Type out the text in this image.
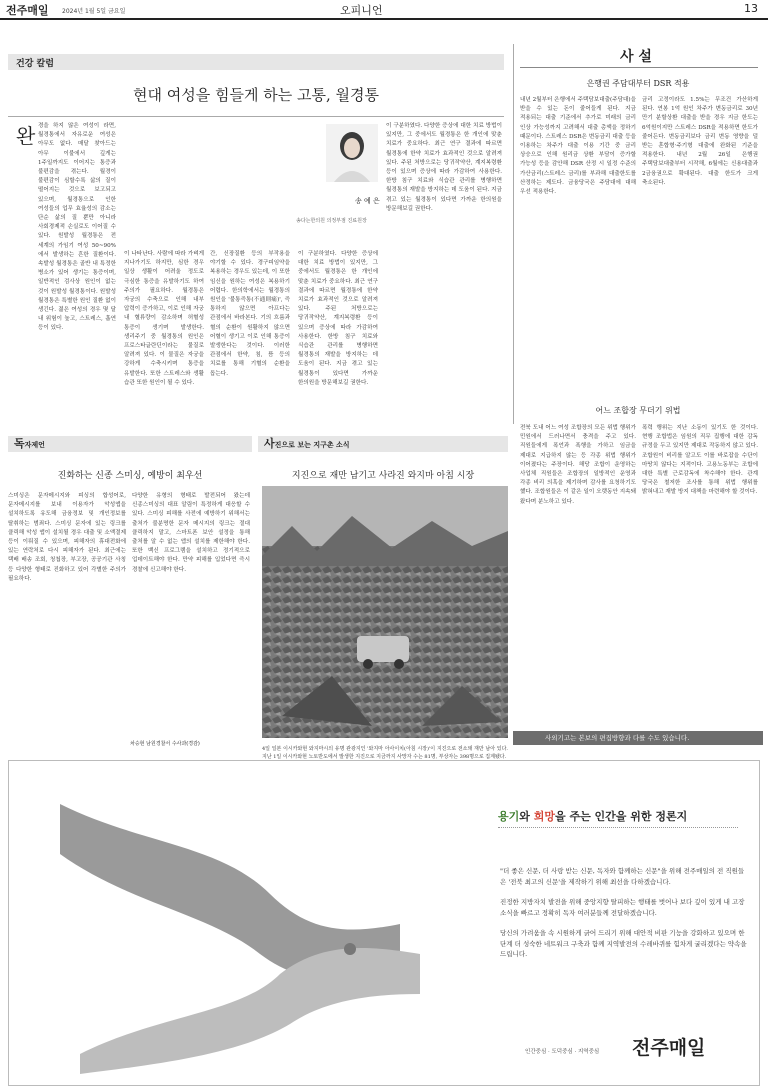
전주매일 2024년 1월 5일 금요일	오피니언	13
건강 칼럼
현대 여성을 힘들게 하는 고통, 월경통
완 경을 하지 않은 여성이 라면, 월경통에서 자유로운 여성은 아무도 없다. 매달 찾아드는 아무 이불에서 깊게는 1주일까지도 이어지는 통증과 불편감을 겪는다. 월경이 불편감이 심할수록 삶의 질이 떨어지는 것으로 보고되고 있으며, 월경통으로 인한 여성들의 업무 효율성의 감소는 단순 삶의 질 뿐만 아니라 사회경제적 손실로도 이어질 수 있다. 원발성 월경통은 전 세계의 가임기 여성 50~90%에서 발생하는 흔한 질환이다. 속발성 월경통은 골반 내 특정한 병소가 있어 생기는 통증이며, 일반적인 검사상 원인이 없는 것이 원발성 월경통이다. 원발성 월경통은 특별한 원인 질환 없이 생긴다. 젊은 여성의 경우 몇 달 내 위험이 높고, 스트레스, 흡연 등이 있다.
이 나타난다. 사람에 따라 가벼게 지나가기도 하지만, 심한 경우 일상 생활이 어려울 정도로 극심한 통증을 유발하기도 하여 주의가 필요하다. 월경통은 자궁의 수축으로 인해 내부 압력이 증가하고, 이로 인해 자궁 내 혈류량이 감소하며 허혈성 통증이 생기며 발생한다. 생리주기 중 월경통의 원인은 프로스타글란딘이라는 물질로 알려져 있다. 이 물질은 자궁을 강하게 수축시키며 통증을 유발한다. 또한 스트레스와 생활 습관 또한 원인이 될 수 있다.
간, 신장질환 등의 부작용을 야기할 수 있다. 경구피임약을 복용하는 경우도 있는데, 이 또한 임신을 원하는 여성은 복용하기 어렵다. 한의학에서는 월경통의 원인을 '불통즉통(不通則痛)', 즉 통하지 않으면 아프다는 관점에서 바라본다. 기의 흐름과 혈의 순환이 원활하지 않으면 어혈이 생기고 이로 인해 통증이 발생한다는 것이다. 이러한 관점에서 한약, 침, 뜸 등의 치료를 통해 기혈의 순환을 돕는다.
이 구분하였다. 다양한 증상에 대한 치료 방법이 있지만, 그 중에서도 월경통은 한 개인에 맞춘 치료가 중요하다. 최근 연구 결과에 따르면 월경통에 한약 치료가 효과적인 것으로 알려져 있다. 주된 처방으로는 당귀작약산, 계지복령환 등이 있으며 증상에 따라 가감하여 사용한다. 한방 침구 치료와 식습관 관리를 병행하면 월경통의 재발을 방지하는 데 도움이 된다. 지금 겪고 있는 월경통이 있다면 가까운 한의원을 방문해보길 권한다.
이 구분하였다. 다양한 증상에 대한 치료 방법이 있지만, 그 중에서도 월경통은 한 개인에 맞춘 치료가 중요하다. 최근 연구 결과에 따르면 월경통에 한약 치료가 효과적인 것으로 알려져 있다. 주된 처방으로는 당귀작약산, 계지복령환 등이 있으며 증상에 따라 가감하여 사용한다. 한방 침구 치료와 식습관 관리를 병행하면 월경통의 재발을 방지하는 데 도움이 된다. 지금 겪고 있는 월경통이 있다면 가까운 한의원을 방문해보길 권한다.
송 예 은
송다는한의원 의정부점 진료원장
사 설
은행권 주담대부터 DSR 적용
내년 2월부터 은행에서 주택담보대출(주담대)을 받을 수 있는 돈이 줄어들게 된다. 지금 적용되는 대출 기준에서 추가로 미래의 금리 인상 가능성까지 고려해서 대출 총액을 정하기 때문이다. 스트레스 DSR은 변동금리 대출 등을 이용하는 차주가 대출 이용 기간 중 금리 상승으로 인해 원리금 상환 부담이 증가할 가능성 등을 감안해 DSR 산정 시 일정 수준의 가산금리(스트레스 금리)를 부과해 대출한도를 산정하는 제도다. 금융당국은 주담대에 대해 우선 적용한다.
금리 고정이라도 1.5%는 무조건 가산하게 된다. 연봉 1억 원인 차주가 변동금리로 30년 만기 분할상환 대출을 받을 경우 지금 한도는 6억원이지만 스트레스 DSR을 적용하면 한도가 줄어든다. 변동금리보다 금리 변동 영향을 덜 받는 혼합형·주기형 대출에 완화된 기준을 적용한다. 내년 2월 26일 은행권 주택담보대출부터 시작해, 6월에는 신용대출과 2금융권으로 확대된다. 대출 한도가 크게 축소된다.
어느 조합장 무더기 위법
전북 도내 어느 여성 조합장의 모든 위법 행위가 민원에서 드러나면서 충격을 주고 있다. 직원들에게 폭언과 폭행을 가하고 임금을 제대로 지급하지 않는 등 각종 위법 행위가 이어졌다는 주장이다. 해당 조합이 운영하는 사업체 직원들은 조합장의 일방적인 운영과 각종 비리 의혹을 제기하며 감사를 요청하기도 했다. 조합원들은 이 같은 일이 오랫동안 지속돼 왔다며 분노하고 있다.
폭력 행위는 지난 소동이 있기도 한 것이다. 현행 조합법은 임원의 직무 집행에 대한 감독 규정을 두고 있지만 제대로 작동하지 않고 있다. 조합원이 비리를 알고도 이를 바로잡을 수단이 마땅치 않다는 지적이다. 고용노동부는 조합에 대한 특별 근로감독에 착수해야 한다. 관계 당국은 철저한 조사를 통해 위법 행위를 밝혀내고 재발 방지 대책을 마련해야 할 것이다.
사외기고는 본보의 편집방향과 다를 수도 있습니다.
독자제언
진화하는 신종 스미싱, 예방이 최우선
스미싱은 문자메시지와 피싱의 합성어로, 문자메시지를 보내 이용자가 악성앱을 설치하도록 유도해 금융정보 및 개인정보를 탈취하는 범죄다. 스미싱 문자에 있는 링크를 클릭해 악성 앱이 설치될 경우 대출 및 소액결제 등이 이뤄질 수 있으며, 피해자의 휴대전화에 있는 연락처로 다시 피해자가 된다. 최근에는 택배 배송 조회, 청첩장, 부고장, 공공기관 사칭 등 다양한 형태로 진화하고 있어 각별한 주의가 필요하다.
다양한 유형의 형태로 발전되어 왔는데 신종스미싱의 대표 알림이 특정하게 대응할 수 있다. 스미싱 피해를 사전에 예방하기 위해서는 출처가 불분명한 문자 메시지의 링크는 절대 클릭하지 말고, 스마트폰 보안 설정을 통해 출처를 알 수 없는 앱의 설치를 제한해야 한다. 또한 백신 프로그램을 설치하고 정기적으로 업데이트해야 한다. 만약 피해를 입었다면 즉시 경찰에 신고해야 한다.
차승현 남원경찰서 수사과(경감)
사진으로 보는 지구촌 소식
지진으로 재만 남기고 사라진 와지마 아침 시장
4일 일본 이시카와현 와지마시의 유명 관광지인 '와지마 아사이치(아침 시장)'이 지진으로 전소돼 재만 남아 있다. 지난 1일 이시카와현 노토반도에서 발생한 지진으로 지금까지 사망자 수는 81명, 부상자는 398명으로 집계됐다.
용기와 희망을 주는 인간을 위한 정론지

"더 좋은 신문, 더 사랑 받는 신문, 독자와 함께하는 신문"을 위해 전주매일의 전 직원들은 '전북 최고의 신문'을 제작하기 위해 최선을 다하겠습니다.

진정한 지방자치 발전을 위해 중앙지향 탈피하는 행태를 벗어나 보다 깊이 있게 내 고장 소식을 빠르고 정확히 독자 여러분들께 전달하겠습니다.

당신의 가려움을 속 시원하게 긁어 드리기 위해 대안적 비판 기능을 강화하고 있으며 한 단계 더 성숙한 네트워크 구축과 함께 지역발전의 수레바퀴를 힘차게 굴리겠다는 약속을 드립니다.

인간중심 · 도덕중심 · 지역중심 전주매일
